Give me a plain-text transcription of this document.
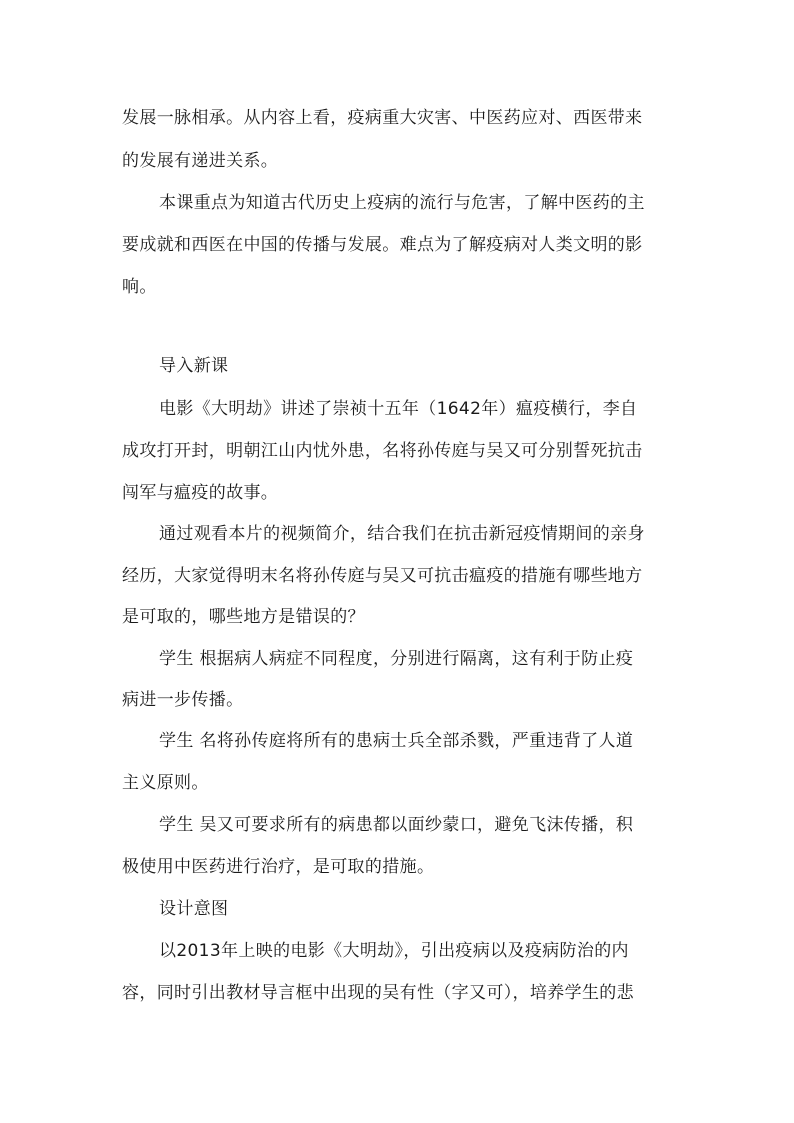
发展一脉相承。从内容上看，疫病重大灾害、中医药应对、西医带来
的发展有递进关系。
本课重点为知道古代历史上疫病的流行与危害，了解中医药的主
要成就和西医在中国的传播与发展。难点为了解疫病对人类文明的影
响。
导入新课
电影《大明劫》讲述了崇祯十五年（1642年）瘟疫横行，李自
成攻打开封，明朝江山内忧外患，名将孙传庭与吴又可分别誓死抗击
闯军与瘟疫的故事。
通过观看本片的视频简介，结合我们在抗击新冠疫情期间的亲身
经历，大家觉得明末名将孙传庭与吴又可抗击瘟疫的措施有哪些地方
是可取的，哪些地方是错误的？
学生 根据病人病症不同程度，分别进行隔离，这有利于防止疫
病进一步传播。
学生 名将孙传庭将所有的患病士兵全部杀戮，严重违背了人道
主义原则。
学生 吴又可要求所有的病患都以面纱蒙口，避免飞沫传播，积
极使用中医药进行治疗，是可取的措施。
设计意图
以2013年上映的电影《大明劫》，引出疫病以及疫病防治的内
容，同时引出教材导言框中出现的吴有性（字又可），培养学生的悲
